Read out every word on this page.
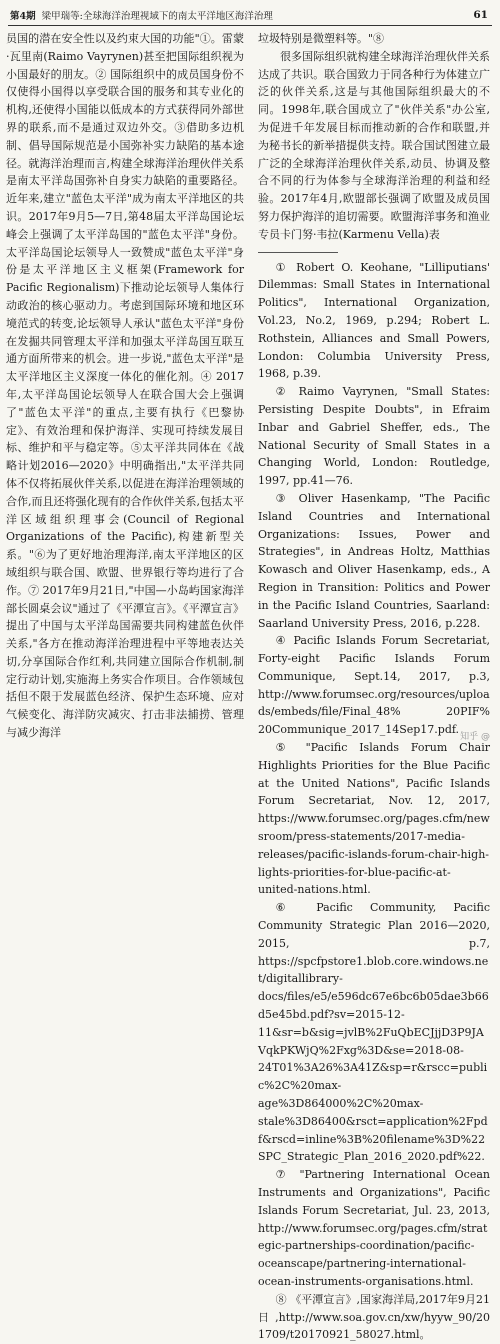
第4期 梁甲瑞等:全球海洋治理视域下的南太平洋地区海洋治理	61

员国的潜在安全性以及约束大国的功能"①。雷蒙·瓦里南(Raimo Vayrynen)甚至把国际组织视为小国最好的朋友。② 国际组织中的成员国身份不仅使得小国得以享受联合国的服务和其专业化的机构,还使得小国能以低成本的方式获得同外部世界的联系,而不是通过双边外交。③借助多边机制、倡导国际规范是小国弥补实力缺陷的基本途径。就海洋治理而言,构建全球海洋治理伙伴关系是南太平洋岛国弥补自身实力缺陷的重要路径。近年来,建立"蓝色太平洋"成为南太平洋地区的共识。2017年9月5—7日,第48届太平洋岛国论坛峰会上强调了太平洋岛国的"蓝色太平洋"身份。太平洋岛国论坛领导人一致赞成"蓝色太平洋"身份是太平洋地区主义框架(Framework for Pacific Regionalism)下推动论坛领导人集体行动政治的核心驱动力。考虑到国际环境和地区环境范式的转变,论坛领导人承认"蓝色太平洋"身份在发掘共同管理太平洋和加强太平洋岛国互联互通方面所带来的机会。进一步说,"蓝色太平洋"是太平洋地区主义深度一体化的催化剂。④ 2017年,太平洋岛国论坛领导人在联合国大会上强调了"蓝色太平洋"的重点,主要有执行《巴黎协定》、有效治理和保护海洋、实现可持续发展目标、维护和平与稳定等。⑤太平洋共同体在《战略计划2016—2020》中明确指出,"太平洋共同体不仅将拓展伙伴关系,以促进在海洋治理领域的合作,而且还将强化现有的合作伙伴关系,包括太平洋区域组织理事会(Council of Regional Organizations of the Pacific),构建新型关系。"⑥为了更好地治理海洋,南太平洋地区的区域组织与联合国、欧盟、世界银行等均进行了合作。⑦ 2017年9月21日,"中国—小岛屿国家海洋部长圆桌会议"通过了《平潭宣言》。《平潭宣言》提出了中国与太平洋岛国需要共同构建蓝色伙伴关系,"各方在推动海洋治理进程中平等地表达关切,分享国际合作红利,共同建立国际合作机制,制定行动计划,实施海上务实合作项目。合作领域包括但不限于发展蓝色经济、保护生态环境、应对气候变化、海洋防灾减灾、打击非法捕捞、管理与减少海洋

垃圾特别是微塑料等。"⑧

很多国际组织就构建全球海洋治理伙伴关系达成了共识。联合国致力于同各种行为体建立广泛的伙伴关系,这是与其他国际组织最大的不同。1998年,联合国成立了"伙伴关系"办公室,为促进千年发展目标而推动新的合作和联盟,并为秘书长的新举措提供支持。联合国试图建立最广泛的全球海洋治理伙伴关系,动员、协调及整合不同的行为体参与全球海洋治理的利益和经验。2017年4月,欧盟部长强调了欧盟及成员国努力保护海洋的追切需要。欧盟海洋事务和渔业专员卡门努·韦拉(Karmenu Vella)表

① Robert O. Keohane, "Lilliputians' Dilemmas: Small States in International Politics", International Organization, Vol.23, No.2, 1969, p.294; Robert L. Rothstein, Alliances and Small Powers, London: Columbia University Press, 1968, p.39.

② Raimo Vayrynen, "Small States: Persisting Despite Doubts", in Efraim Inbar and Gabriel Sheffer, eds., The National Security of Small States in a Changing World, London: Routledge, 1997, pp.41—76.

③ Oliver Hasenkamp, "The Pacific Island Countries and International Organizations: Issues, Power and Strategies", in Andreas Holtz, Matthias Kowasch and Oliver Hasenkamp, eds., A Region in Transition: Politics and Power in the Pacific Island Countries, Saarland: Saarland University Press, 2016, p.228.

④ Pacific Islands Forum Secretariat, Forty-eight Pacific Islands Forum Communique, Sept.14, 2017, p.3, http://www.forumsec.org/resources/uploads/embeds/file/Final_48% 20PIF% 20Communique_2017_14Sep17.pdf.

⑤ "Pacific Islands Forum Chair Highlights Priorities for the Blue Pacific at the United Nations", Pacific Islands Forum Secretariat, Nov. 12, 2017, https://www.forumsec.org/pages.cfm/newsroom/press-statements/2017-media-releases/pacific-islands-forum-chair-high-lights-priorities-for-blue-pacific-at-united-nations.html.

⑥ Pacific Community, Pacific Community Strategic Plan 2016—2020, 2015, p.7, https://spcfpstore1.blob.core.windows.net/digitallibrary-docs/files/e5/e596dc67e6bc6b05dae3b66d5e45bd.pdf?sv=2015-12-11&sr=b&sig=jvlB%2FuQbECJjjD3P9JAVqkPKWjQ%2Fxg%3D&se=2018-08-24T01%3A26%3A41Z&sp=r&rscc=public%2C%20max-age%3D864000%2C%20max-stale%3D86400&rsct=application%2Fpdf&rscd=inline%3B%20filename%3D%22SPC_Strategic_Plan_2016_2020.pdf%22.

⑦ "Partnering International Ocean Instruments and Organizations", Pacific Islands Forum Secretariat, Jul. 23, 2013, http://www.forumsec.org/pages.cfm/strategic-partnerships-coordination/pacific-oceanscape/partnering-international-ocean-instruments-organisations.html.

⑧ 《平潭宣言》,国家海洋局,2017年9月21日,http://www.soa.gov.cn/xw/hyyw_90/201709/t20170921_58027.html。

知乎 @
